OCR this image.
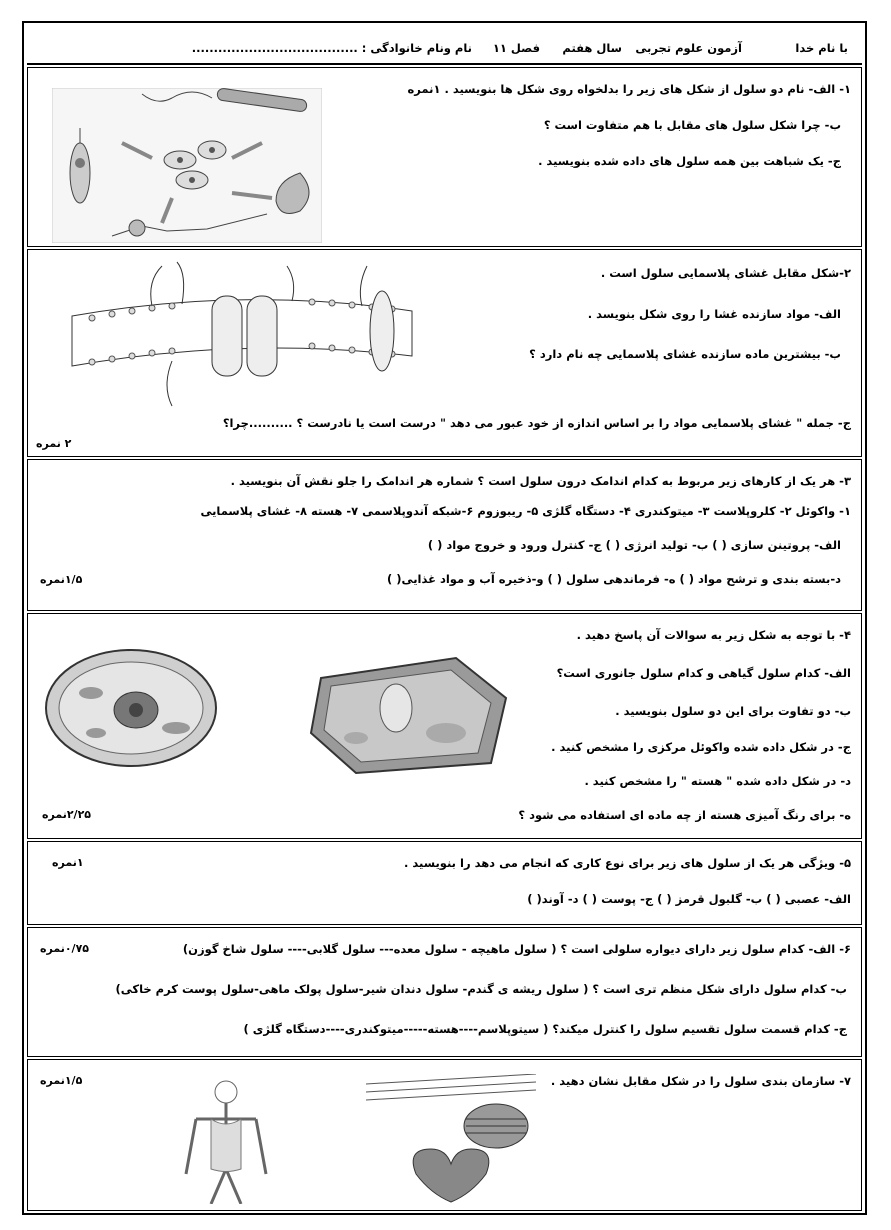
با نام خدا
آزمون علوم تجربی
سال هفتم
فصل ۱۱
نام ونام خانوادگی : ......................................
۱- الف- نام دو سلول از شکل های زیر را بدلخواه روی شکل ها بنویسید . ۱نمره
ب- چرا شکل سلول های مقابل با هم متفاوت است ؟
ج- یک شباهت بین همه سلول های داده شده بنویسید .
۲-شکل مقابل غشای پلاسمایی سلول است .
الف- مواد سازنده غشا را روی شکل بنویسد .
ب- بیشترین ماده سازنده غشای پلاسمایی چه نام دارد ؟
ج- جمله " غشای پلاسمایی مواد را بر اساس اندازه از خود عبور می دهد " درست است یا نادرست ؟ ..........چرا؟
۲ نمره
۳- هر یک از کارهای زیر مربوط به کدام اندامک درون سلول است ؟ شماره هر اندامک را جلو نقش آن بنویسید .
۱- واکوئل ۲- کلروپلاست ۳- میتوکندری ۴- دستگاه گلژی ۵- ریبوزوم ۶-شبکه آندوپلاسمی ۷- هسته ۸- غشای پلاسمایی
الف- پروتینن سازی ( ) ب- تولید انرژی ( ) ج- کنترل ورود و خروج مواد ( )
د-بسته بندی و ترشح مواد ( ) ه- فرماندهی سلول ( ) و-ذخیره آب و مواد غذایی( )
۱/۵نمره
۴- با توجه به شکل زیر به سوالات آن پاسخ دهید .
الف- کدام سلول گیاهی و کدام سلول جانوری است؟
ب- دو تفاوت برای این دو سلول بنویسید .
ج- در شکل داده شده واکوئل مرکزی را مشخص کنید .
د- در شکل داده شده " هسته " را مشخص کنید .
ه- برای رنگ آمیزی هسته از چه ماده ای استفاده می شود ؟
۲/۲۵نمره
۵- ویژگی هر یک از سلول های زیر برای نوع کاری که انجام می دهد را بنویسید .
۱نمره
الف- عصبی ( ) ب- گلبول قرمز ( ) ج- پوست ( ) د- آوند( )
۶- الف- کدام سلول زیر دارای دیواره سلولی است ؟ ( سلول ماهیچه - سلول معده--- سلول گلابی---- سلول شاخ گوزن)
۰/۷۵نمره
ب- کدام سلول دارای شکل منظم تری است ؟ ( سلول ریشه ی گندم- سلول دندان شیر-سلول پولک ماهی-سلول پوست کرم خاکی)
ج- کدام قسمت سلول تقسیم سلول را کنترل میکند؟ ( سیتوپلاسم----هسته-----میتوکندری----دستگاه گلژی )
۷- سازمان بندی سلول را در شکل مقابل نشان دهید .
۱/۵نمره
